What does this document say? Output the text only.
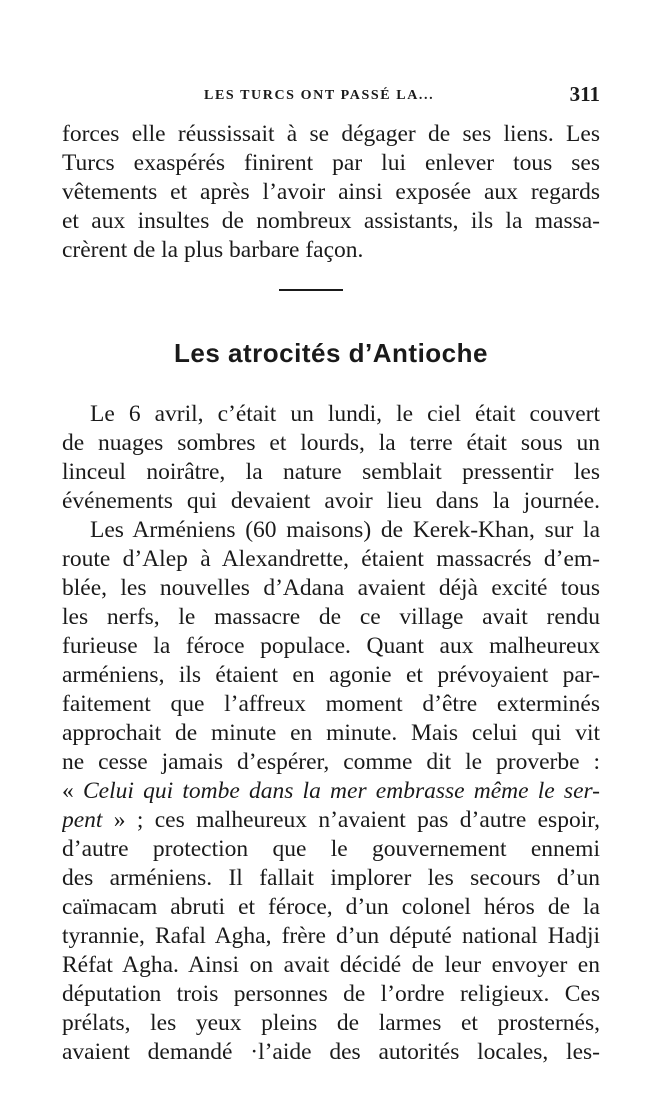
LES TURCS ONT PASSÉ LA...	311
forces elle réussissait à se dégager de ses liens. Les
Turcs exaspérés finirent par lui enlever tous ses
vêtements et après l’avoir ainsi exposée aux regards
et aux insultes de nombreux assistants, ils la massa-
crèrent de la plus barbare façon.
Les atrocités d’Antioche
Le 6 avril, c’était un lundi, le ciel était couvert
de nuages sombres et lourds, la terre était sous un
linceul noirâtre, la nature semblait pressentir les
événements qui devaient avoir lieu dans la journée.
Les Arméniens (60 maisons) de Kerek-Khan, sur la
route d’Alep à Alexandrette, étaient massacrés d’em-
blée, les nouvelles d’Adana avaient déjà excité tous
les nerfs, le massacre de ce village avait rendu
furieuse la féroce populace. Quant aux malheureux
arméniens, ils étaient en agonie et prévoyaient par-
faitement que l’affreux moment d’être exterminés
approchait de minute en minute. Mais celui qui vit
ne cesse jamais d’espérer, comme dit le proverbe :
« Celui qui tombe dans la mer embrasse même le ser-
pent » ; ces malheureux n’avaient pas d’autre espoir,
d’autre protection que le gouvernement ennemi
des arméniens. Il fallait implorer les secours d’un
caïmacam abruti et féroce, d’un colonel héros de la
tyrannie, Rafal Agha, frère d’un député national Hadji
Réfat Agha. Ainsi on avait décidé de leur envoyer en
députation trois personnes de l’ordre religieux. Ces
prélats, les yeux pleins de larmes et prosternés,
avaient demandé ·l’aide des autorités locales, les-
